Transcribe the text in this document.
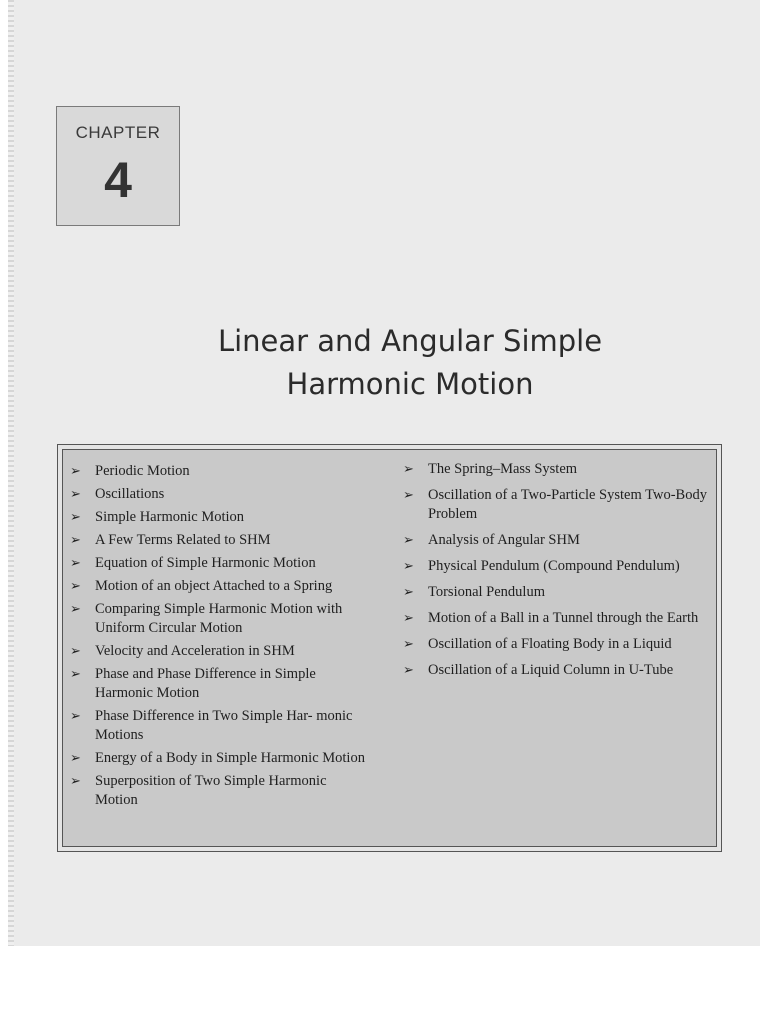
CHAPTER
4
Linear and Angular Simple
Harmonic Motion
➢ Periodic Motion
➢ Oscillations
➢ Simple Harmonic Motion
➢ A Few Terms Related to SHM
➢ Equation of Simple Harmonic Motion
➢ Motion of an object Attached to a Spring
➢ Comparing Simple Harmonic Motion with Uniform Circular Motion
➢ Velocity and Acceleration in SHM
➢ Phase and Phase Difference in Simple Harmonic Motion
➢ Phase Difference in Two Simple Har- monic Motions
➢ Energy of a Body in Simple Harmonic Motion
➢ Superposition of Two Simple Harmonic Motion
➢ The Spring–Mass System
➢ Oscillation of a Two-Particle System Two-Body Problem
➢ Analysis of Angular SHM
➢ Physical Pendulum (Compound Pendulum)
➢ Torsional Pendulum
➢ Motion of a Ball in a Tunnel through the Earth
➢ Oscillation of a Floating Body in a Liquid
➢ Oscillation of a Liquid Column in U-Tube
